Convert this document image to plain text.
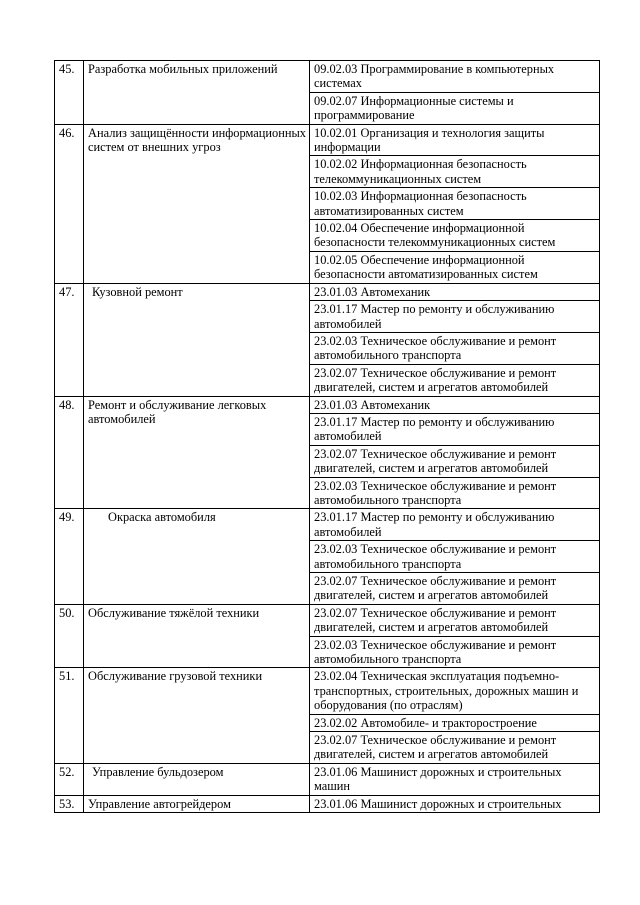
45.	Разработка мобильных приложений	09.02.03 Программирование в компьютерных системах
		09.02.07 Информационные системы и программирование
46.	Анализ защищённости информационных систем от внешних угроз	10.02.01 Организация и технология защиты информации
		10.02.02 Информационная безопасность телекоммуникационных систем
		10.02.03 Информационная безопасность автоматизированных систем
		10.02.04 Обеспечение информационной безопасности телекоммуникационных систем
		10.02.05 Обеспечение информационной безопасности автоматизированных систем
47.	Кузовной ремонт	23.01.03 Автомеханик
		23.01.17 Мастер по ремонту и обслуживанию автомобилей
		23.02.03 Техническое обслуживание и ремонт автомобильного транспорта
		23.02.07 Техническое обслуживание и ремонт двигателей, систем и агрегатов автомобилей
48.	Ремонт и обслуживание легковых автомобилей	23.01.03 Автомеханик
		23.01.17 Мастер по ремонту и обслуживанию автомобилей
		23.02.07 Техническое обслуживание и ремонт двигателей, систем и агрегатов автомобилей
		23.02.03 Техническое обслуживание и ремонт автомобильного транспорта
49.	Окраска автомобиля	23.01.17 Мастер по ремонту и обслуживанию автомобилей
		23.02.03 Техническое обслуживание и ремонт автомобильного транспорта
		23.02.07 Техническое обслуживание и ремонт двигателей, систем и агрегатов автомобилей
50.	Обслуживание тяжёлой техники	23.02.07 Техническое обслуживание и ремонт двигателей, систем и агрегатов автомобилей
		23.02.03 Техническое обслуживание и ремонт автомобильного транспорта
51.	Обслуживание грузовой техники	23.02.04 Техническая эксплуатация подъемно-транспортных, строительных, дорожных машин и оборудования (по отраслям)
		23.02.02 Автомобиле- и тракторостроение
		23.02.07 Техническое обслуживание и ремонт двигателей, систем и агрегатов автомобилей
52.	Управление бульдозером	23.01.06 Машинист дорожных и строительных машин
53.	Управление автогрейдером	23.01.06 Машинист дорожных и строительных
